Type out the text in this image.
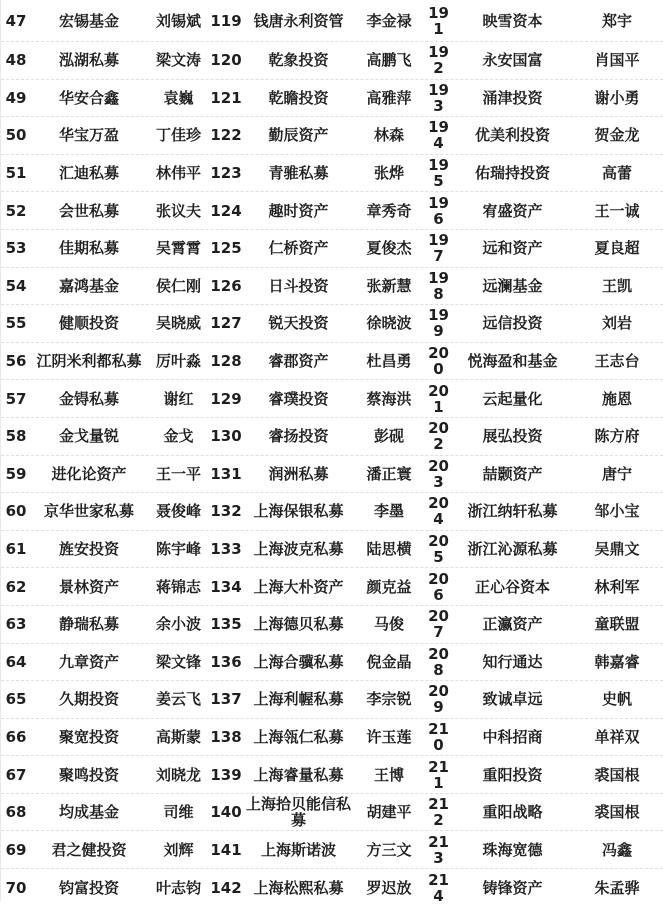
47	宏锡基金	刘锡斌 119 钱唐永利资管	李金禄	191	映雪资本	郑宇
48	泓湖私募	梁文涛 120	乾象投资	高鹏飞	192	永安国富	肖国平
49	华安合鑫	袁巍	121	乾瞻投资	高雅萍	193	涌津投资	谢小勇
50	华宝万盈	丁佳珍 122	勤辰资产	林森	194	优美利投资	贺金龙
51	汇迪私募	林伟平 123	青骓私募	张烨	195	佑瑞持投资	高蕾
52	会世私募	张议夫 124	趣时资产	章秀奇	196	宥盛资产	王一诚
53	佳期私募	吴霄霄 125	仁桥资产	夏俊杰	197	远和资产	夏良超
54	嘉鸿基金	侯仁刚 126	日斗投资	张新慧	198	远澜基金	王凯
55	健顺投资	吴晓威 127	锐天投资	徐晓波	199	远信投资	刘岩
56 江阴米利都私募 厉叶淼 128	睿郡资产	杜昌勇	200	悦海盈和基金	王志台
57	金锝私募	谢红	129	睿璞投资	蔡海洪	201	云起量化	施恩
58	金戈量锐	金戈	130	睿扬投资	彭砚	202	展弘投资	陈方府
59	进化论资产	王一平 131	润洲私募	潘正寰	203	喆颢资产	唐宁
60	京华世家私募	聂俊峰 132 上海保银私募	李墨	204	浙江纳轩私募	邹小宝
61	旌安投资	陈宇峰 133 上海波克私募	陆思横	205	浙江沁源私募	吴鼎文
62	景林资产	蒋锦志 134 上海大朴资产	颜克益	206	正心谷资本	林利军
63	静瑞私募	余小波 135 上海德贝私募	马俊	207	正瀛资产	童联盟
64	九章资产	梁文锋 136 上海合骥私募	倪金晶	208	知行通达	韩嘉睿
65	久期投资	姜云飞 137 上海利幄私募	李宗锐	209	致诚卓远	史帆
66	聚宽投资	高斯蒙 138 上海瓴仁私募	许玉莲	210	中科招商	单祥双
67	聚鸣投资	刘晓龙 139 上海睿量私募	王博	211	重阳投资	裘国根
68	均成基金	司维	140 上海拾贝能信私募	胡建平	212	重阳战略	裘国根
69	君之健投资	刘辉	141	上海斯诺波	方三文	213	珠海宽德	冯鑫
70	钧富投资	叶志钧 142 上海松熙私募	罗迟放	214	铸锋资产	朱孟骅
